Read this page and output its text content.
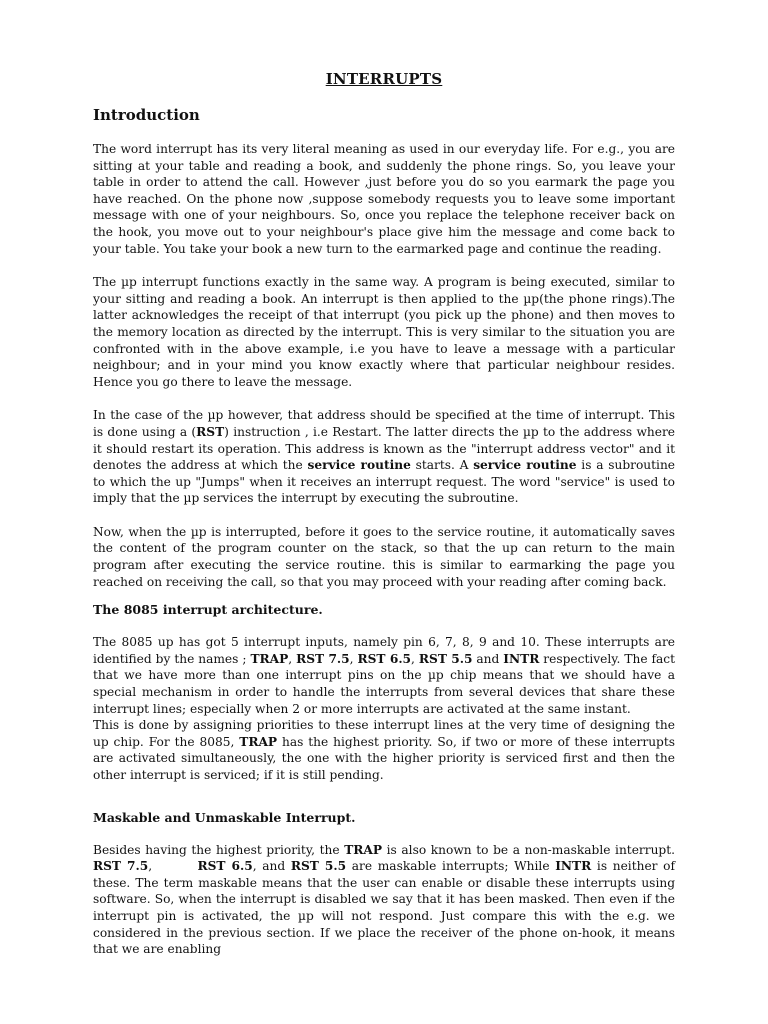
INTERRUPTS
Introduction

The word interrupt has its very literal meaning as used in our everyday life. For e.g., you are sitting at your table and reading a book, and suddenly the phone rings. So, you leave your table in order to attend the call. However ,just before you do so you earmark the page you have reached. On the phone now ,suppose somebody requests you to leave some important message with one of your neighbours. So, once you replace the telephone receiver back on the hook, you move out to your neighbour's place give him the message and come back to your table. You take your book a new turn to the earmarked page and continue the reading.

The µp interrupt functions exactly in the same way. A program is being executed, similar to your sitting and reading a book. An interrupt is then applied to the µp(the phone rings).The latter acknowledges the receipt of that interrupt (you pick up the phone) and then moves to the memory location as directed by the interrupt. This is very similar to the situation you are confronted with in the above example, i.e you have to leave a message with a particular neighbour; and in your mind you know exactly where that particular neighbour resides. Hence you go there to leave the message.

In the case of the µp however, that address should be specified at the time of interrupt. This is done using a (RST) instruction , i.e Restart. The latter directs the µp to the address where it should restart its operation. This address is known as the "interrupt address vector" and it denotes the address at which the service routine starts. A service routine is a subroutine to which the up "Jumps" when it receives an interrupt request. The word "service" is used to imply that the µp services the interrupt by executing the subroutine.

Now, when the µp is interrupted, before it goes to the service routine, it automatically saves the content of the program counter on the stack, so that the up can return to the main program after executing the service routine. this is similar to earmarking the page you reached on receiving the call, so that you may proceed with your reading after coming back.

The 8085 interrupt architecture.

The 8085 up has got 5 interrupt inputs, namely pin 6, 7, 8, 9 and 10. These interrupts are identified by the names ; TRAP, RST 7.5, RST 6.5, RST 5.5 and INTR respectively. The fact that we have more than one interrupt pins on the µp chip means that we should have a special mechanism in order to handle the interrupts from several devices that share these interrupt lines; especially when 2 or more interrupts are activated at the same instant.

This is done by assigning priorities to these interrupt lines at the very time of designing the up chip. For the 8085, TRAP has the highest priority. So, if two or more of these interrupts are activated simultaneously, the one with the higher priority is serviced first and then the other interrupt is serviced; if it is still pending.

Maskable and Unmaskable Interrupt.

Besides having the highest priority, the TRAP is also known to be a non-maskable interrupt. RST 7.5,        RST 6.5, and RST 5.5 are maskable interrupts; While INTR is neither of these. The term maskable means that the user can enable or disable these interrupts using software. So, when the interrupt is disabled we say that it has been masked. Then even if the interrupt pin is activated, the µp will not respond. Just compare this with the e.g. we considered in the previous section. If we place the receiver of the phone on-hook, it means that we are enabling
